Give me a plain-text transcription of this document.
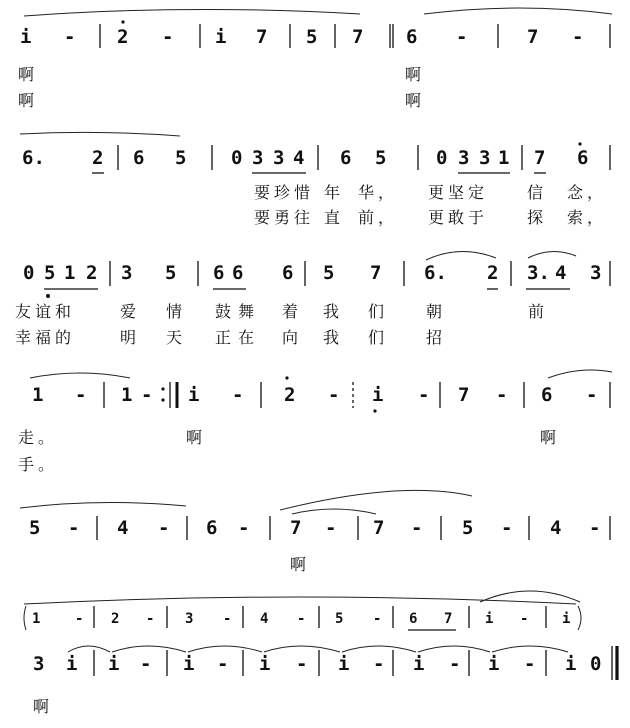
i - 2 - i 7 5 7 6 -	7 -
6. 2 6 5 0 3 3 4 6 5	0 3 3 1 7 6
0 5 1 2 3 5 6 6 6 5 7 6. 2 3. 4 3
1 - 1 - i - 2 - i - 7 - 6 -
5 - 4 - 6 - 7 - 7 - 5 - 4 -
1 - 2 - 3 - 4 - 5 - 6 7 i - i
3 i i - i - i - i - i - i - i 0
啊	啊
啊	啊
要珍惜 年 华， 更坚定 信 念，
要勇往 直 前， 更敢于 探 索，
友谊和	爱 情 鼓 舞 着 我 们	朝	前
幸福的	明 天 正 在 向 我 们	招
走。	啊	啊
手。
啊
啊
